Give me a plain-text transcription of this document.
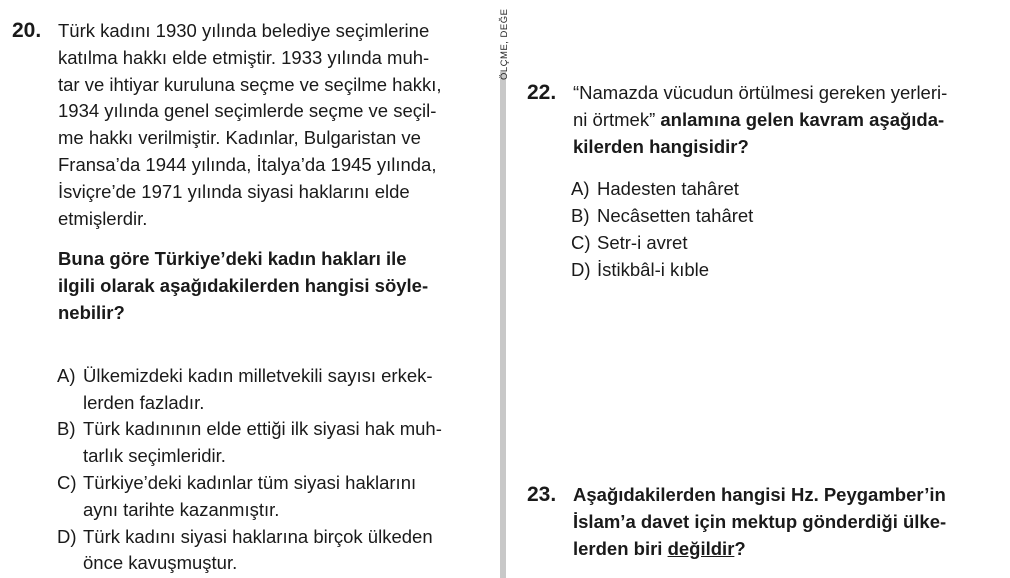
ÖLÇME, DEĞE
20. Türk kadını 1930 yılında belediye seçimlerine
katılma hakkı elde etmiştir. 1933 yılında muh-
tar ve ihtiyar kuruluna seçme ve seçilme hakkı,
1934 yılında genel seçimlerde seçme ve seçil-
me hakkı verilmiştir. Kadınlar, Bulgaristan ve
Fransa’da 1944 yılında, İtalya’da 1945 yılında,
İsviçre’de 1971 yılında siyasi haklarını elde
etmişlerdir.
Buna göre Türkiye’deki kadın hakları ile
ilgili olarak aşağıdakilerden hangisi söyle-
nebilir?
A) Ülkemizdeki kadın milletvekili sayısı erkek-
lerden fazladır.
B) Türk kadınının elde ettiği ilk siyasi hak muh-
tarlık seçimleridir.
C) Türkiye’deki kadınlar tüm siyasi haklarını
aynı tarihte kazanmıştır.
D) Türk kadını siyasi haklarına birçok ülkeden
önce kavuşmuştur.
22. “Namazda vücudun örtülmesi gereken yerleri-
ni örtmek” anlamına gelen kavram aşağıda-
kilerden hangisidir?
A) Hadesten tahâret
B) Necâsetten tahâret
C) Setr-i avret
D) İstikbâl-i kıble
23. Aşağıdakilerden hangisi Hz. Peygamber’in
İslam’a davet için mektup gönderdiği ülke-
lerden biri değildir?
